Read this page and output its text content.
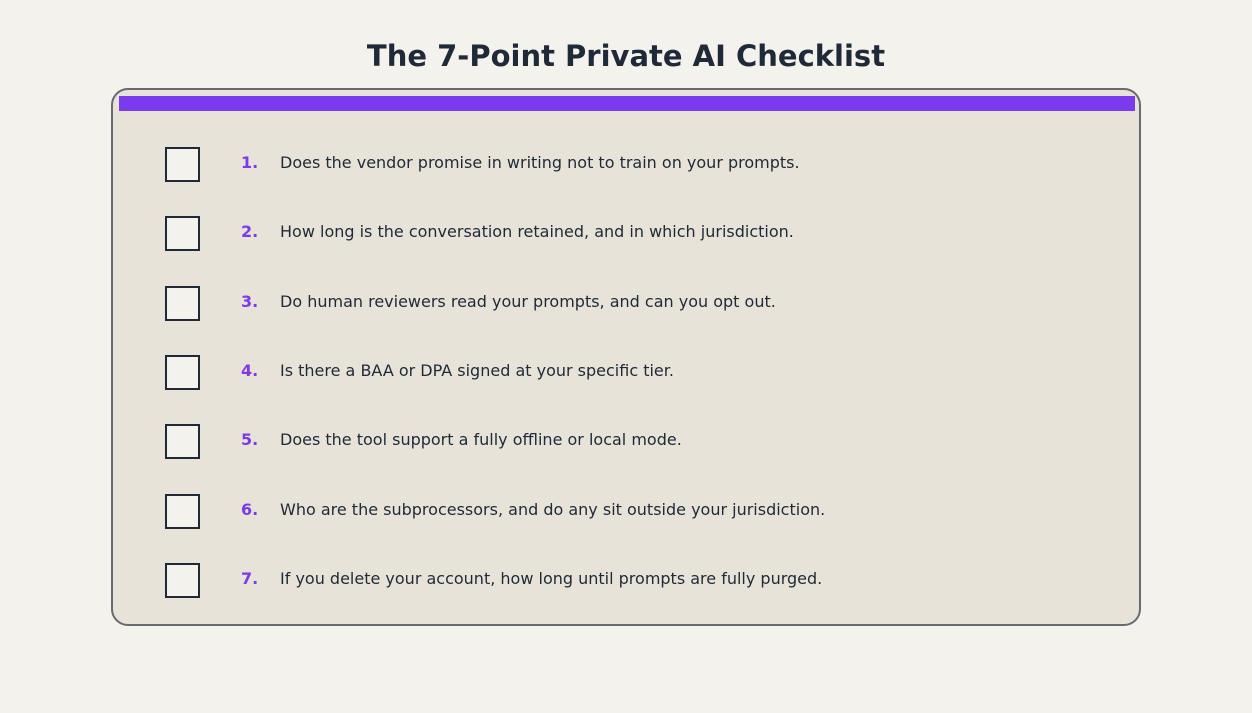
The 7-Point Private AI Checklist
1. Does the vendor promise in writing not to train on your prompts.
2. How long is the conversation retained, and in which jurisdiction.
3. Do human reviewers read your prompts, and can you opt out.
4. Is there a BAA or DPA signed at your specific tier.
5. Does the tool support a fully offline or local mode.
6. Who are the subprocessors, and do any sit outside your jurisdiction.
7. If you delete your account, how long until prompts are fully purged.
